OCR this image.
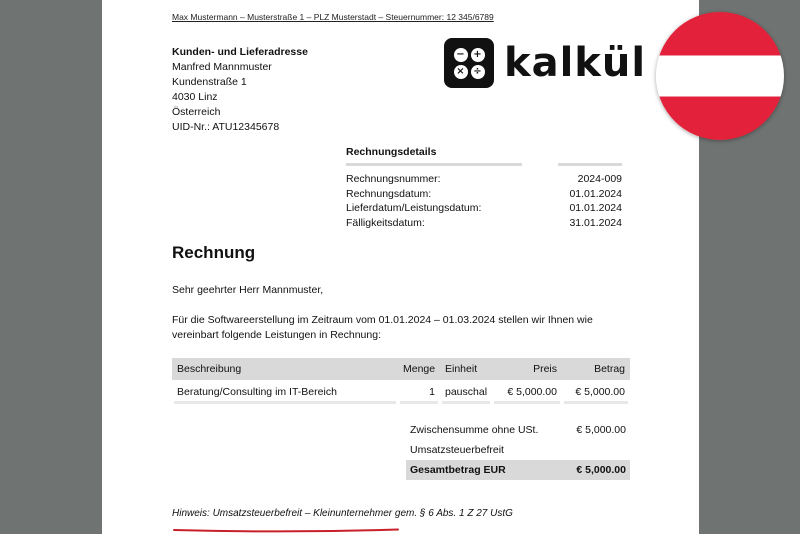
Max Mustermann – Musterstraße 1 – PLZ Musterstadt – Steuernummer: 12 345/6789
Kunden- und Lieferadresse
Manfred Mannmuster
Kundenstraße 1
4030 Linz
Österreich
UID-Nr.: ATU12345678
− +
× ÷ kalkül
Rechnungsdetails
Rechnungsnummer:	2024-009
Rechnungsdatum:	01.01.2024
Lieferdatum/Leistungsdatum:	01.01.2024
Fälligkeitsdatum:	31.01.2024
Rechnung
Sehr geehrter Herr Mannmuster,
Für die Softwareerstellung im Zeitraum vom 01.01.2024 – 01.03.2024 stellen wir Ihnen wie vereinbart folgende Leistungen in Rechnung:
Beschreibung	Menge Einheit	Preis	Betrag
Beratung/Consulting im IT-Bereich	1 pauschal	€ 5,000.00	€ 5,000.00
Zwischensumme ohne USt.	€ 5,000.00
Umsatzsteuerbefreit
Gesamtbetrag EUR	€ 5,000.00
Hinweis: Umsatzsteuerbefreit – Kleinunternehmer gem. § 6 Abs. 1 Z 27 UstG
